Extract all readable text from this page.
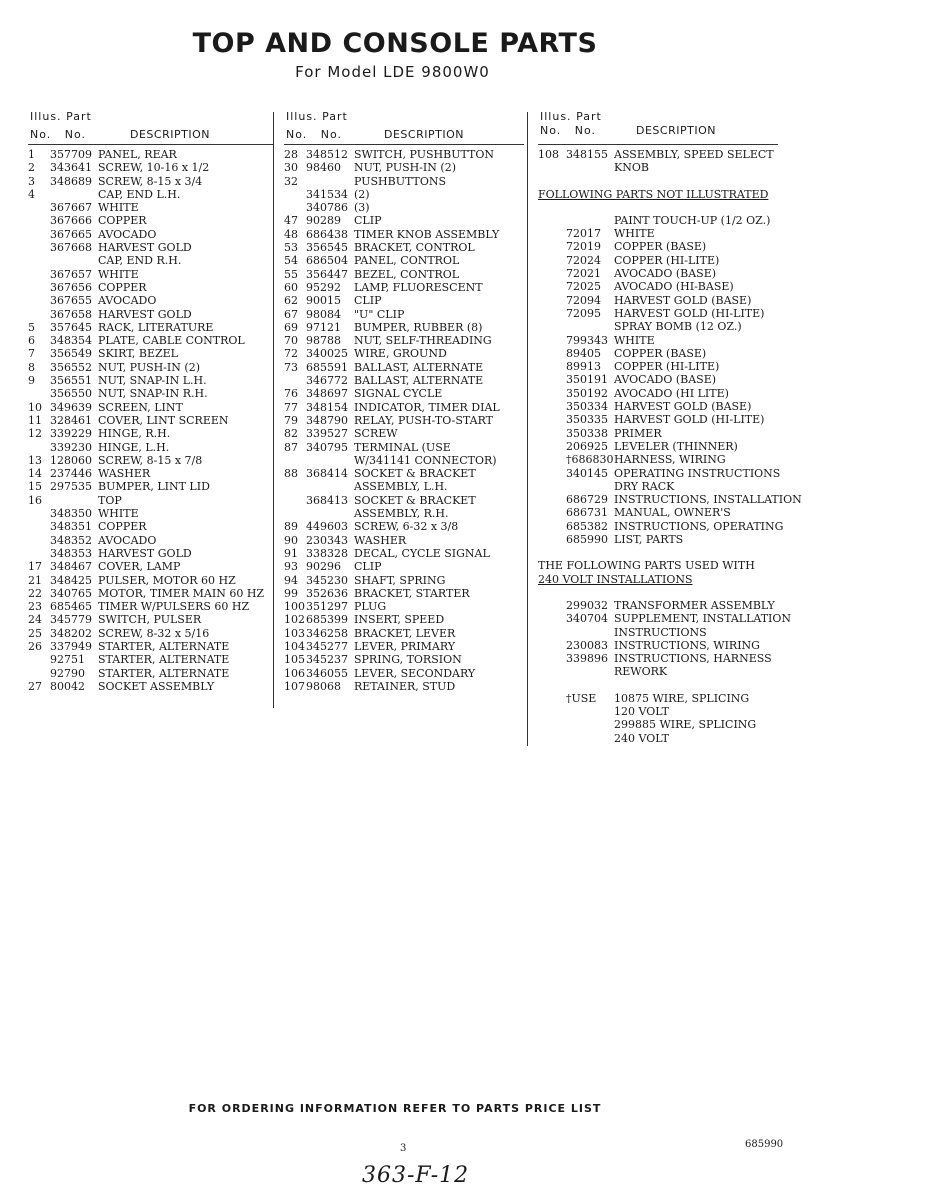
TOP AND CONSOLE PARTS
For Model LDE 9800W0
Illus. Part
No. No.	DESCRIPTION
1	357709 PANEL, REAR
2	343641 SCREW, 10-16 x 1/2
3	348689 SCREW, 8-15 x 3/4
4	CAP, END L.H.
367667 WHITE
367666 COPPER
367665 AVOCADO
367668 HARVEST GOLD
CAP, END R.H.
367657 WHITE
367656 COPPER
367655 AVOCADO
367658 HARVEST GOLD
5	357645 RACK, LITERATURE
6	348354 PLATE, CABLE CONTROL
7	356549 SKIRT, BEZEL
8	356552 NUT, PUSH-IN (2)
9	356551 NUT, SNAP-IN L.H.
356550 NUT, SNAP-IN R.H.
10 349639 SCREEN, LINT
11 328461 COVER, LINT SCREEN
12 339229 HINGE, R.H.
339230 HINGE, L.H.
13 128060 SCREW, 8-15 x 7/8
14 237446 WASHER
15 297535 BUMPER, LINT LID
16	TOP
348350 WHITE
348351 COPPER
348352 AVOCADO
348353 HARVEST GOLD
17 348467 COVER, LAMP
21 348425 PULSER, MOTOR 60 HZ
22 340765 MOTOR, TIMER MAIN 60 HZ
23 685465 TIMER W/PULSERS 60 HZ
24 345779 SWITCH, PULSER
25 348202 SCREW, 8-32 x 5/16
26 337949 STARTER, ALTERNATE
92751	STARTER, ALTERNATE
92790	STARTER, ALTERNATE
27 80042	SOCKET ASSEMBLY
Illus. Part
No. No.	DESCRIPTION
28 348512 SWITCH, PUSHBUTTON
30 98460	NUT, PUSH-IN (2)
32	PUSHBUTTONS
341534 (2)
340786 (3)
47 90289	CLIP
48 686438 TIMER KNOB ASSEMBLY
53 356545 BRACKET, CONTROL
54 686504 PANEL, CONTROL
55 356447 BEZEL, CONTROL
60 95292	LAMP, FLUORESCENT
62 90015	CLIP
67 98084	"U" CLIP
69 97121	BUMPER, RUBBER (8)
70 98788	NUT, SELF-THREADING
72 340025 WIRE, GROUND
73 685591 BALLAST, ALTERNATE
346772 BALLAST, ALTERNATE
76 348697 SIGNAL CYCLE
77 348154 INDICATOR, TIMER DIAL
79 348790 RELAY, PUSH-TO-START
82 339527 SCREW
87 340795 TERMINAL (USE
W/341141 CONNECTOR)
88 368414 SOCKET & BRACKET
ASSEMBLY, L.H.
368413 SOCKET & BRACKET
ASSEMBLY, R.H.
89 449603 SCREW, 6-32 x 3/8
90 230343 WASHER
91 338328 DECAL, CYCLE SIGNAL
93 90296	CLIP
94 345230 SHAFT, SPRING
99 352636 BRACKET, STARTER
100 351297 PLUG
102 685399 INSERT, SPEED
103 346258 BRACKET, LEVER
104 345277 LEVER, PRIMARY
105 345237 SPRING, TORSION
106 346055 LEVER, SECONDARY
107 98068	RETAINER, STUD
Illus. Part
No. No.	DESCRIPTION
108 348155 ASSEMBLY, SPEED SELECT
KNOB
FOLLOWING PARTS NOT ILLUSTRATED
PAINT TOUCH-UP (1/2 OZ.)
72017	WHITE
72019	COPPER (BASE)
72024	COPPER (HI-LITE)
72021	AVOCADO (BASE)
72025	AVOCADO (HI-BASE)
72094	HARVEST GOLD (BASE)
72095	HARVEST GOLD (HI-LITE)
SPRAY BOMB (12 OZ.)
799343 WHITE
89405	COPPER (BASE)
89913	COPPER (HI-LITE)
350191 AVOCADO (BASE)
350192 AVOCADO (HI LITE)
350334 HARVEST GOLD (BASE)
350335 HARVEST GOLD (HI-LITE)
350338 PRIMER
206925 LEVELER (THINNER)
†686830 HARNESS, WIRING
340145 OPERATING INSTRUCTIONS
DRY RACK
686729 INSTRUCTIONS, INSTALLATION
686731 MANUAL, OWNER'S
685382 INSTRUCTIONS, OPERATING
685990 LIST, PARTS
THE FOLLOWING PARTS USED WITH
240 VOLT INSTALLATIONS
299032 TRANSFORMER ASSEMBLY
340704 SUPPLEMENT, INSTALLATION
INSTRUCTIONS
230083 INSTRUCTIONS, WIRING
339896 INSTRUCTIONS, HARNESS
REWORK
†USE	10875 WIRE, SPLICING
120 VOLT
299885 WIRE, SPLICING
240 VOLT
FOR ORDERING INFORMATION REFER TO PARTS PRICE LIST
3	685990
363-F-12
